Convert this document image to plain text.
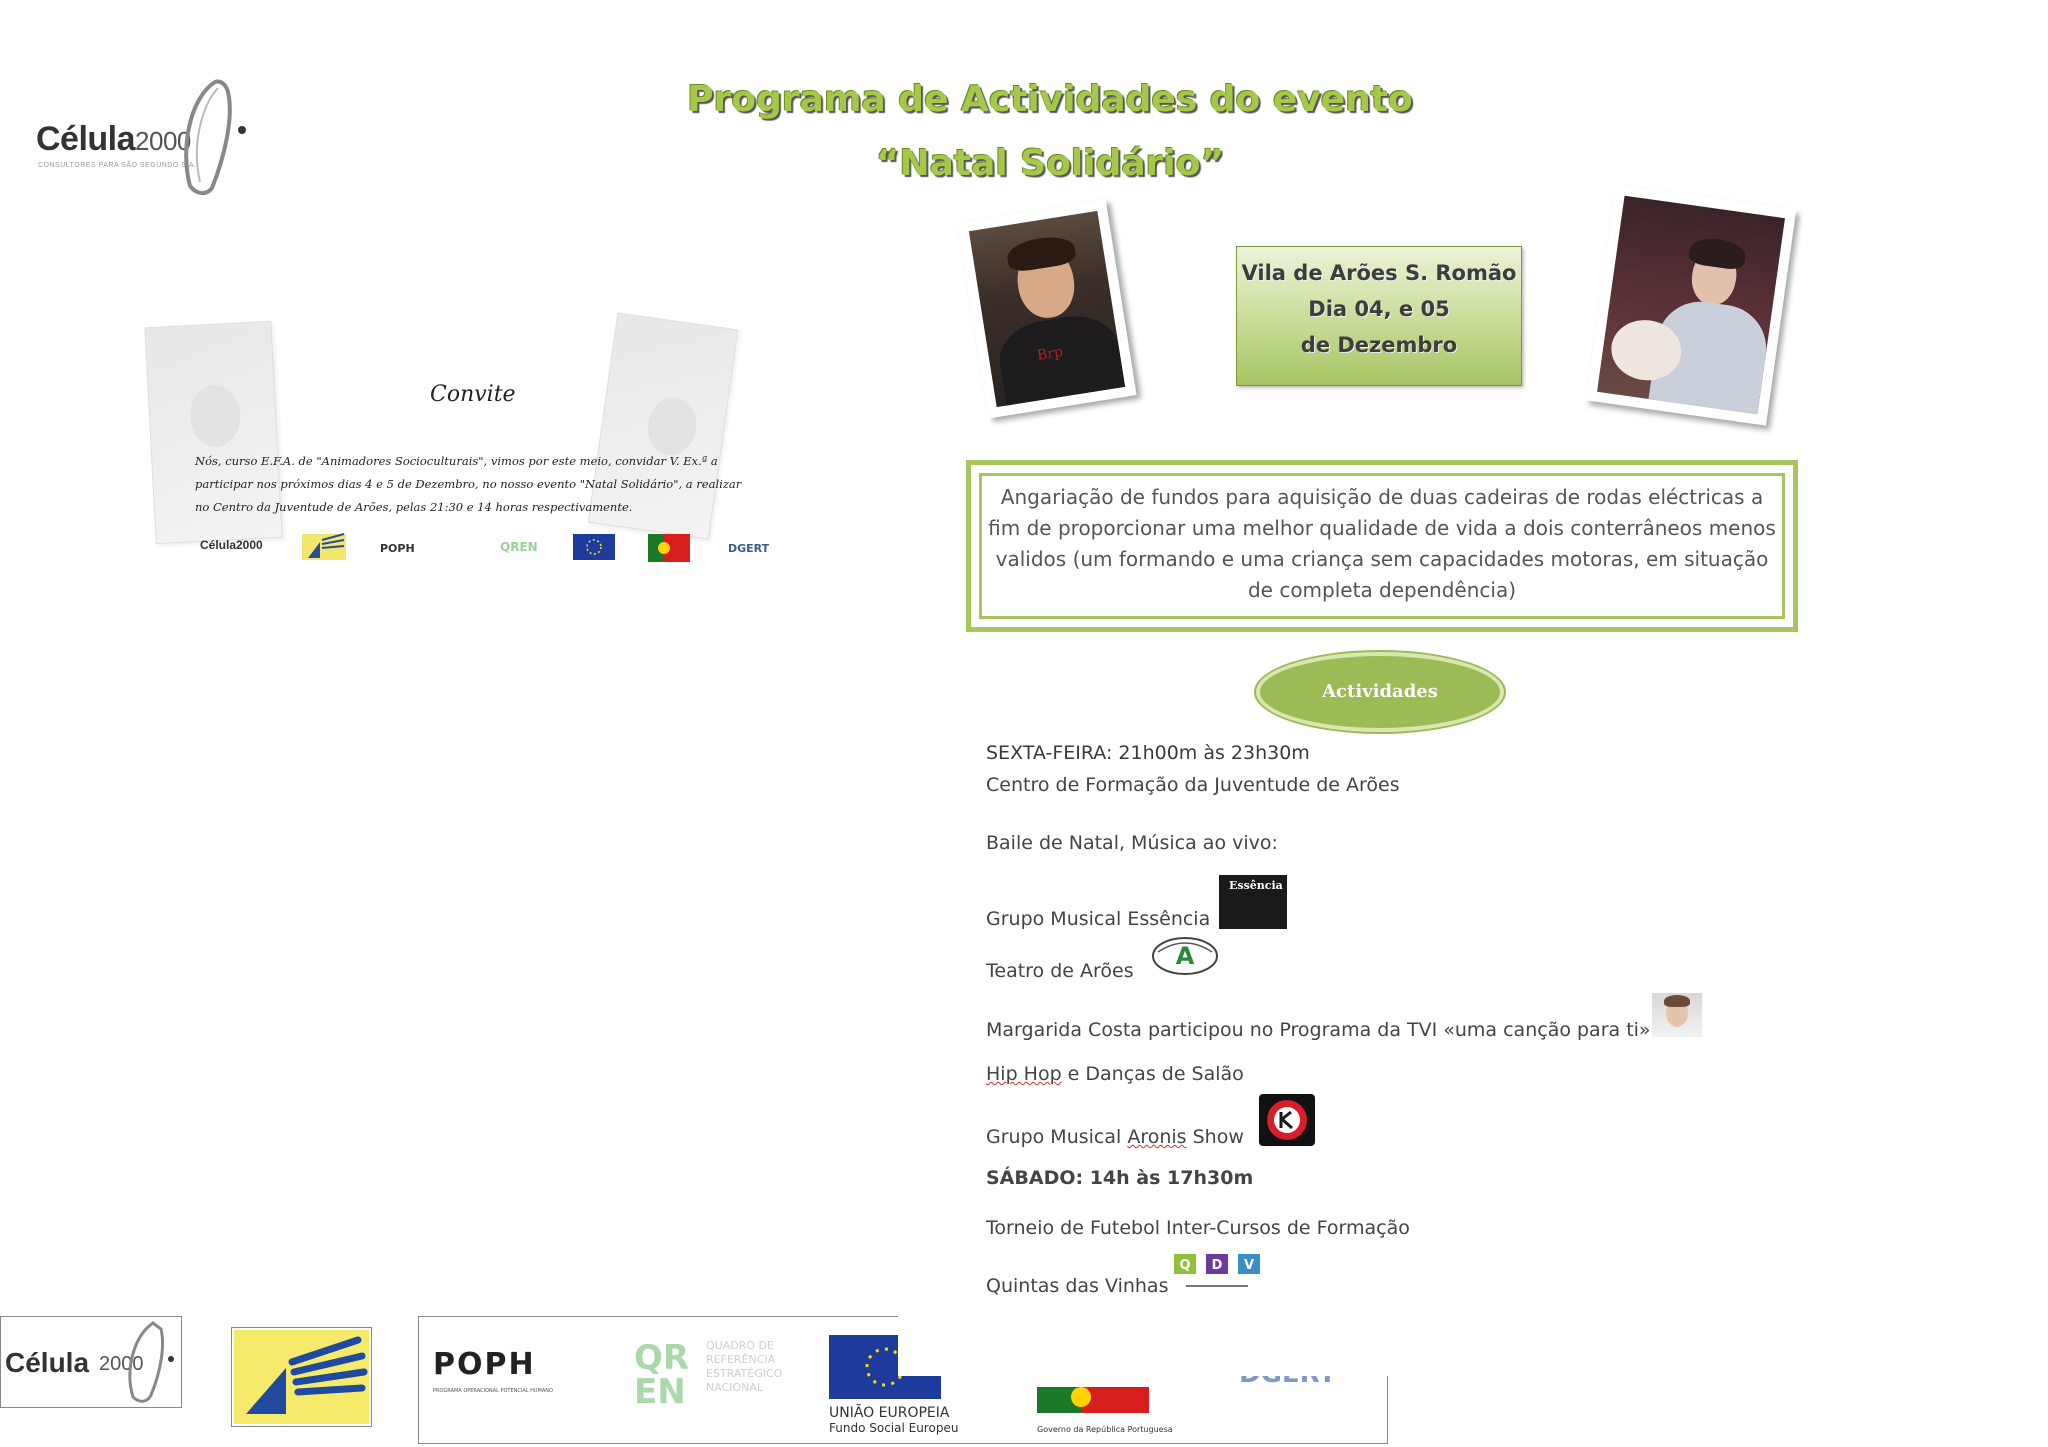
Célula2000
CONSULTORES PARA SÃO SEGUNDO S.A.
Convite
Nós, curso E.F.A. de "Animadores Socioculturais", vimos por este meio, convidar V. Ex.ª a participar nos próximos dias 4 e 5 de Dezembro, no nosso evento "Natal Solidário", a realizar no Centro da Juventude de Arões, pelas 21:30 e 14 horas respectivamente.
Célula2000	POPH	QREN	DGERT
Programa de Actividades do evento
“Natal Solidário”
Brp
Vila de Arões S. Romão
Dia 04, e 05
de Dezembro
Angariação de fundos para aquisição de duas cadeiras de rodas eléctricas a fim de proporcionar uma melhor qualidade de vida a dois conterrâneos menos validos (um formando e uma criança sem capacidades motoras, em situação de completa dependência)
Actividades
SEXTA-FEIRA: 21h00m às 23h30m
Centro de Formação da Juventude de Arões
Baile de Natal, Música ao vivo:
Grupo Musical Essência
Essência
Teatro de Arões
A
Margarida Costa participou no Programa da TVI «uma canção para ti»
Hip Hop e Danças de Salão
Grupo Musical Aronis Show
SÁBADO: 14h às 17h30m
Torneio de Futebol Inter-Cursos de Formação
Quintas das Vinhas
Q D V
Célula 2000	POPH
PROGRAMA OPERACIONAL POTENCIAL HUMANO
QREN
QUADRO DE REFERÊNCIA ESTRATÉGICO NACIONAL
UNIÃO EUROPEIA
Fundo Social Europeu	Governo da República Portuguesa
